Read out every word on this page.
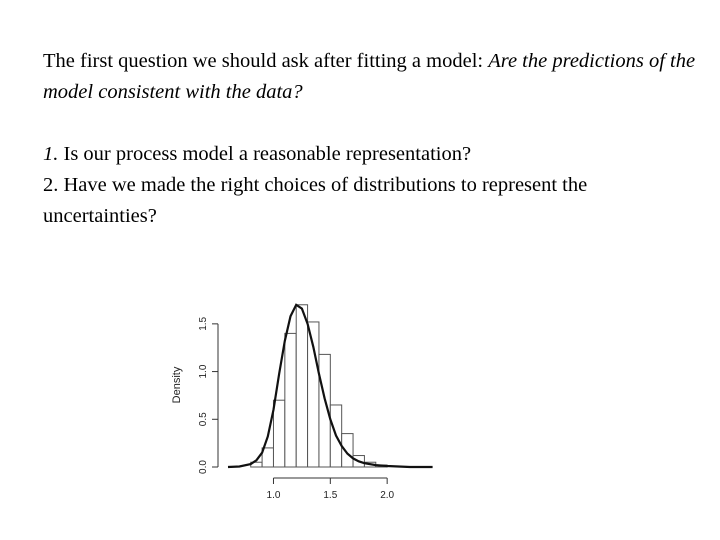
The first question we should ask after fitting a model: Are the predictions of the model consistent with the data?

1. Is our process model a reasonable representation?

2. Have we made the right choices of distributions to represent the uncertainties?

1.0	1.5	2.0
0.0
0.5
1.0
1.5
Density
